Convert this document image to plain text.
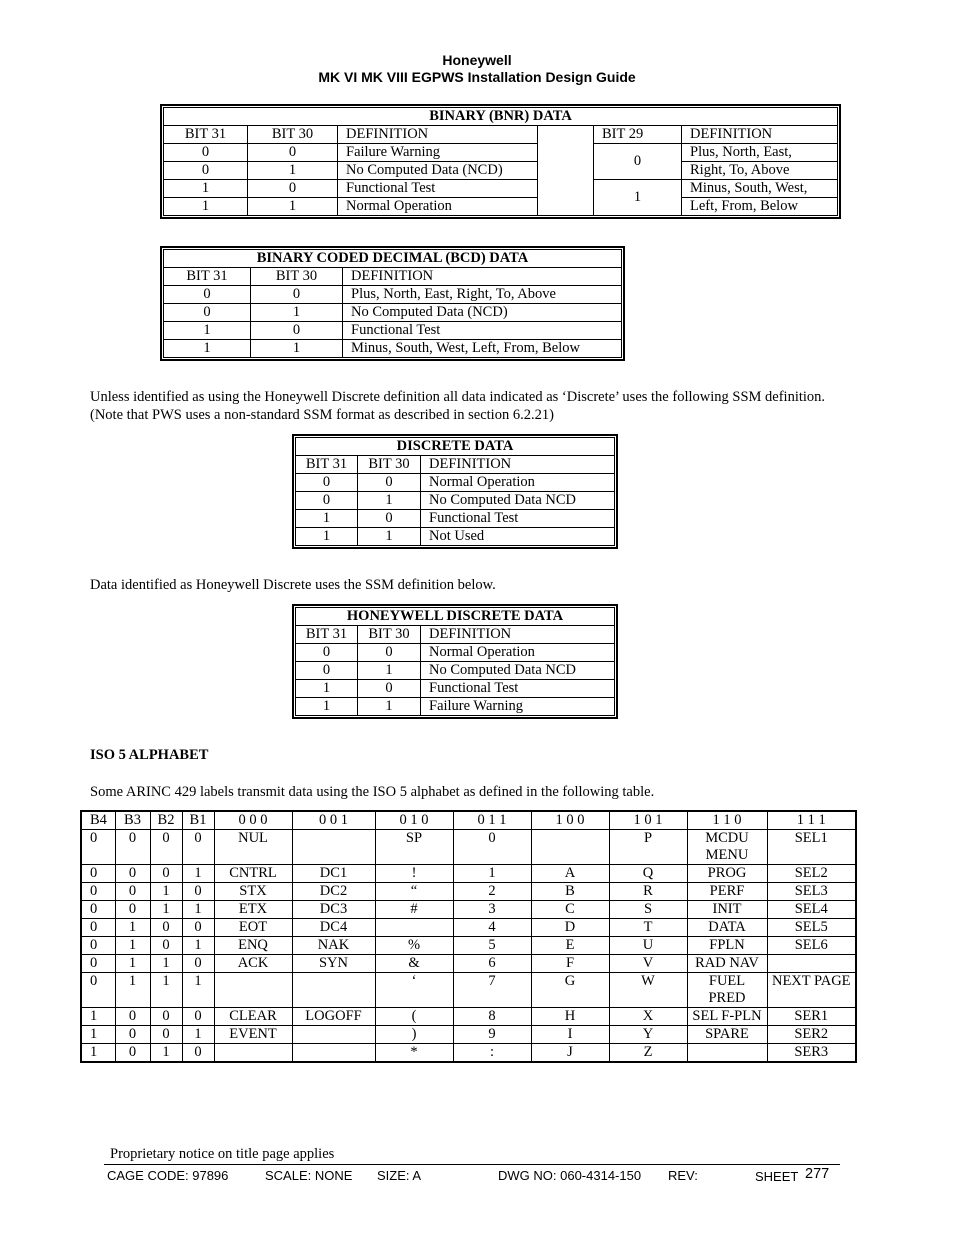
Honeywell
MK VI MK VIII EGPWS Installation Design Guide
BINARY (BNR) DATA					
BIT 31	BIT 30	DEFINITION		BIT 29	DEFINITION
0	0	Failure Warning		0	Plus, North, East,
0	1	No Computed Data (NCD)			Right, To, Above
1	0	Functional Test		1	Minus, South, West,
1	1	Normal Operation			Left, From, Below
BINARY CODED DECIMAL (BCD) DATA		
BIT 31	BIT 30	DEFINITION
0	0	Plus, North, East, Right, To, Above
0	1	No Computed Data (NCD)
1	0	Functional Test
1	1	Minus, South, West, Left, From, Below

Unless identified as using the Honeywell Discrete definition all data indicated as ‘Discrete’ uses the following SSM definition. (Note that PWS uses a non-standard SSM format as described in section 6.2.21)

DISCRETE DATA		
BIT 31	BIT 30	DEFINITION
0	0	Normal Operation
0	1	No Computed Data NCD
1	0	Functional Test
1	1	Not Used

Data identified as Honeywell Discrete uses the SSM definition below.

HONEYWELL DISCRETE DATA		
BIT 31	BIT 30	DEFINITION
0	0	Normal Operation
0	1	No Computed Data NCD
1	0	Functional Test
1	1	Failure Warning

ISO 5 ALPHABET

Some ARINC 429 labels transmit data using the ISO 5 alphabet as defined in the following table.

B4	B3	B2	B1	0 0 0	0 0 1	0 1 0	0 1 1	1 0 0	1 0 1	1 1 0	1 1 1
0	0	0	0	NUL		SP	0		P	MCDU MENU	SEL1
0	0	0	1	CNTRL	DC1	!	1	A	Q	PROG	SEL2
0	0	1	0	STX	DC2	“	2	B	R	PERF	SEL3
0	0	1	1	ETX	DC3	#	3	C	S	INIT	SEL4
0	1	0	0	EOT	DC4		4	D	T	DATA	SEL5
0	1	0	1	ENQ	NAK	%	5	E	U	FPLN	SEL6
0	1	1	0	ACK	SYN	&	6	F	V	RAD NAV	
0	1	1	1			‘	7	G	W	FUEL PRED	NEXT PAGE
1	0	0	0	CLEAR	LOGOFF	(	8	H	X	SEL F-PLN	SER1
1	0	0	1	EVENT		)	9	I	Y	SPARE	SER2
1	0	1	0			*	:	J	Z		SER3
Proprietary notice on title page applies
CAGE CODE: 97896	SCALE: NONE SIZE: A	DWG NO: 060-4314-150 REV:	SHEET 277
